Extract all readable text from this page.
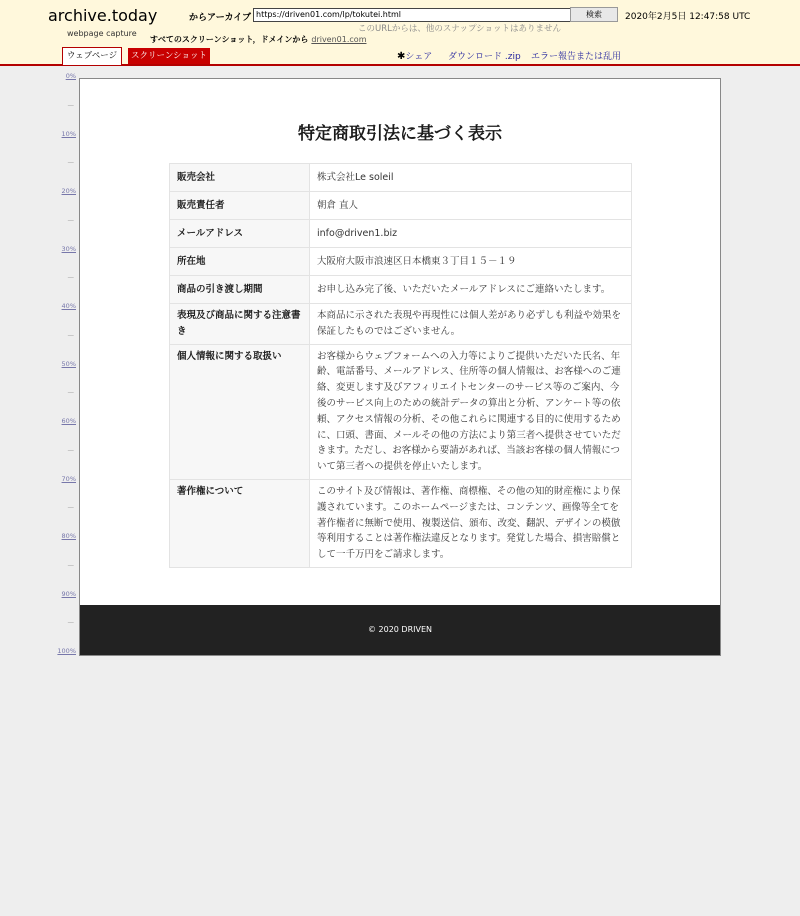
archive.today
webpage capture
からアーカイブ https://driven01.com/lp/tokutei.html	検索	2020年2月5日 12:47:58 UTC
このURLからは、他のスナップショットはありません
すべてのスクリーンショット，ドメインから driven01.com
ウェブページ	スクリーンショット	✱シェア ダウンロード .zip エラー報告または乱用
0%
—
10%
—
20%
—
30%
—
40%
—
50%
—
60%
—
70%
—
80%
—
90%
—
100%
特定商取引法に基づく表示
販売会社	株式会社Le soleil
販売責任者	朝倉 直人
メールアドレス	info@driven1.biz
所在地	大阪府大阪市浪速区日本橋東３丁目１５－１９
商品の引き渡し期間	お申し込み完了後、いただいたメールアドレスにご連絡いたします。
表現及び商品に関する注意書き	本商品に示された表現や再現性には個人差があり必ずしも利益や効果を保証したものではございません。
個人情報に関する取扱い	お客様からウェブフォームへの入力等によりご提供いただいた氏名、年齢、電話番号、メールアドレス、住所等の個人情報は、お客様へのご連絡、変更します及びアフィリエイトセンターのサービス等のご案内、今後のサービス向上のための統計データの算出と分析、アンケート等の依頼、アクセス情報の分析、その他これらに関連する目的に使用するために、口頭、書面、メールその他の方法により第三者へ提供させていただきます。ただし、お客様から要請があれば、当該お客様の個人情報について第三者への提供を停止いたします。
著作権について	このサイト及び情報は、著作権、商標権、その他の知的財産権により保護されています。このホームページまたは、コンテンツ、画像等全てを著作権者に無断で使用、複製送信、頒布、改変、翻訳、デザインの模倣等利用することは著作権法違反となります。発覚した場合、損害賠償として一千万円をご請求します。
© 2020 DRIVEN
